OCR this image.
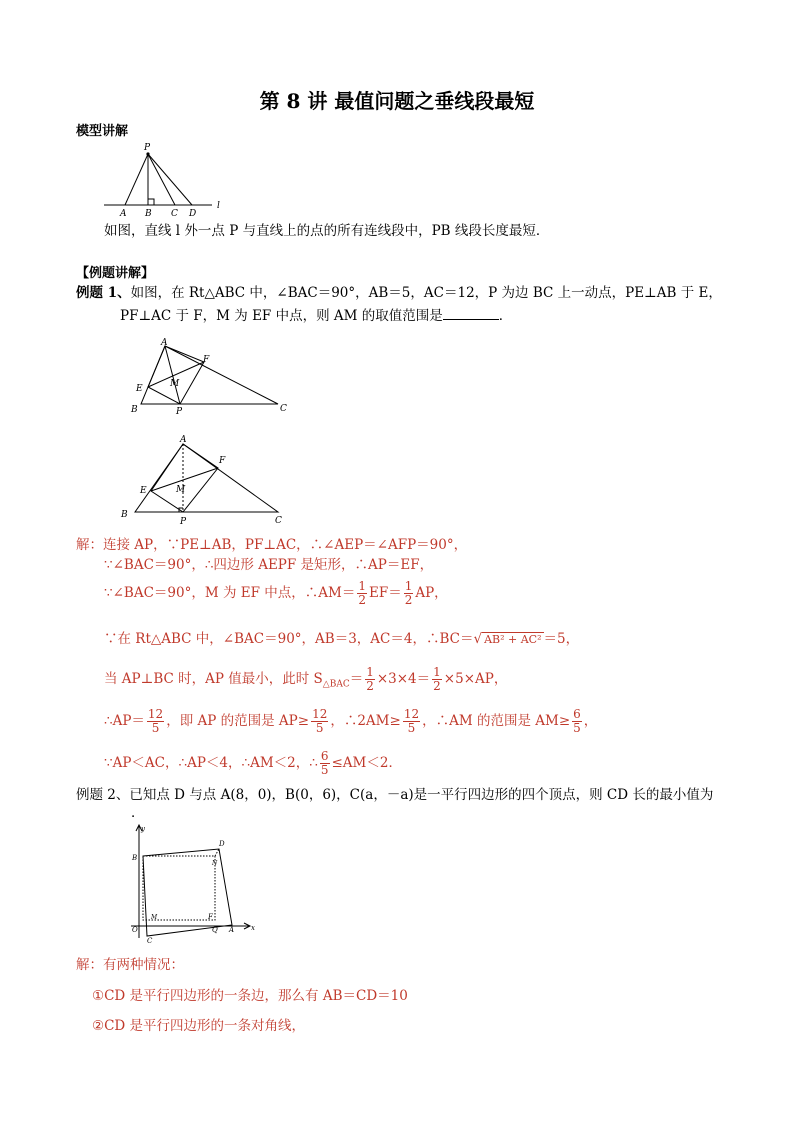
第 8 讲 最值问题之垂线段最短
模型讲解
P
A B C D
l
如图，直线 l 外一点 P 与直线上的点的所有连线段中，PB 线段长度最短．
【例题讲解】
例题 1、如图，在 Rt△ABC 中，∠BAC＝90°，AB＝5，AC＝12，P 为边 BC 上一动点，PE⊥AB 于 E，
PF⊥AC 于 F，M 为 EF 中点，则 AM 的取值范围是	．
A
B	C
E
F
M
P
A
B
C
E
F
M
P
解：连接 AP，∵PE⊥AB，PF⊥AC，∴∠AEP＝∠AFP＝90°，
∵∠BAC＝90°，∴四边形 AEPF 是矩形，∴AP＝EF，
∵∠BAC＝90°，M 为 EF 中点，∴AM＝ $\frac{1}{2} EF= \frac{1}{2}$ AP，
∵在 Rt△ABC 中，∠BAC＝90°，AB＝3，AC＝4，∴BC＝√ AB² + AC² ＝5，
当 AP⊥BC 时，AP 值最小，此时 $S_{\triangle BAC}= \frac{1}{2} \times 3\times 4= \frac{1}{2} \times 5\times AP$，
∴AP＝ $\frac{12}{5}$ ，即 AP 的范围是 $AP\ge \frac{12}{5}$ ，∴2AM≥ $\frac{12}{5}$ ，∴AM 的范围是 $AM\ge \frac{6}{5}$ ，
∵AP＜AC，∴AP＜4，∴AM＜2，∴ $\frac{6}{5} \le AM<2$．
例题 2、已知点 D 与点 A(8，0)，B(0，6)，C(a，－a)是一平行四边形的四个顶点，则 CD 长的最小值为
．
y
x
B
D
N
M	F
O
C
Q A
解：有两种情况：
①CD 是平行四边形的一条边，那么有 AB＝CD＝10
②CD 是平行四边形的一条对角线，
